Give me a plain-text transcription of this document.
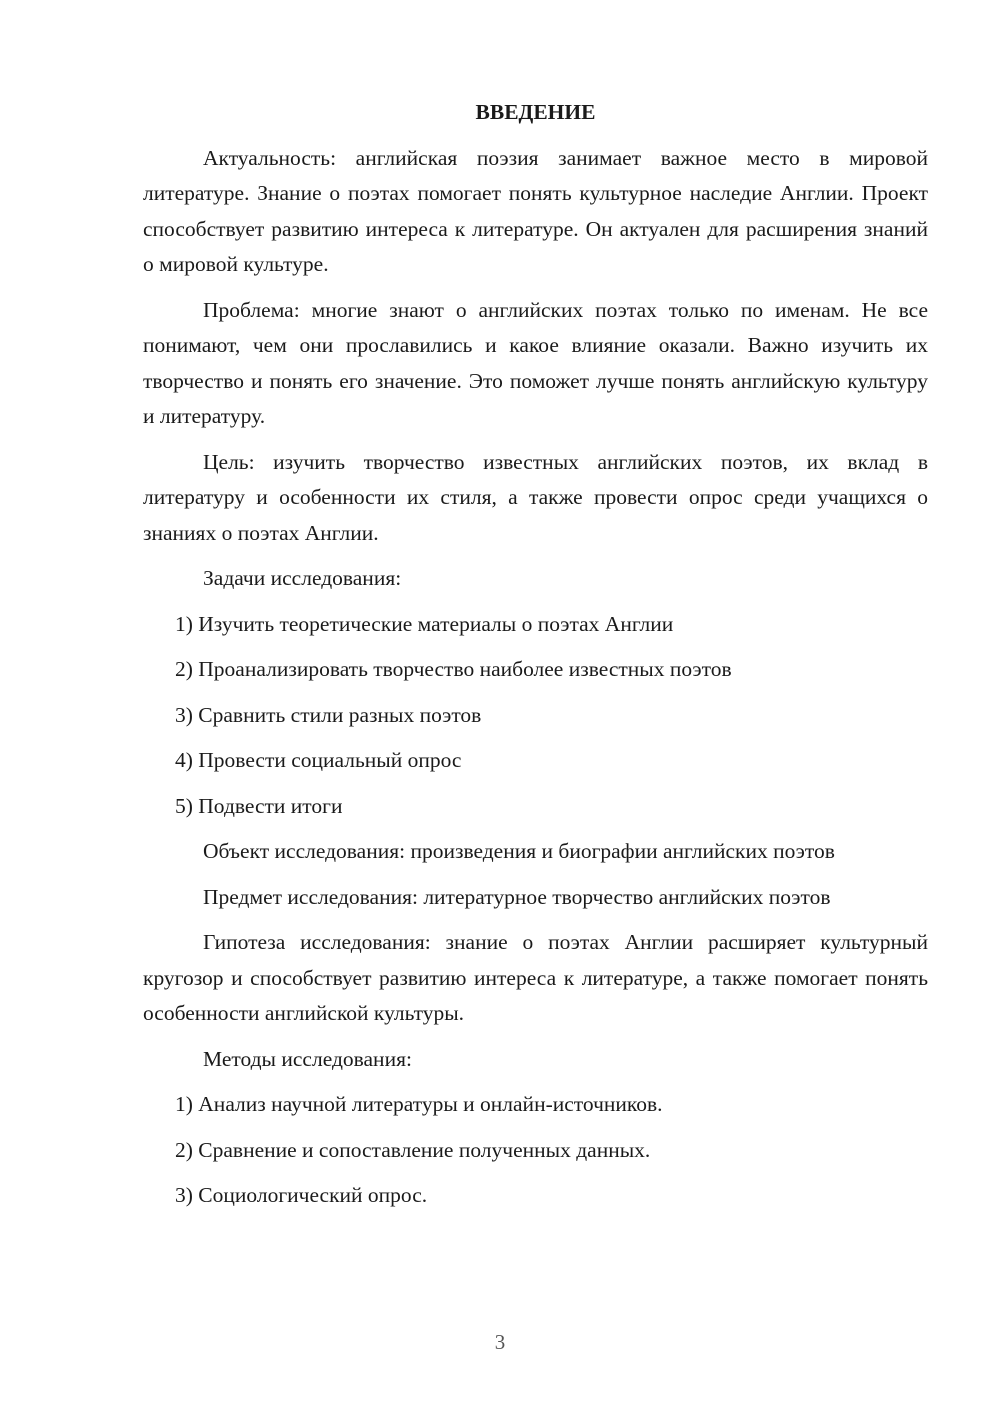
ВВЕДЕНИЕ

Актуальность: английская поэзия занимает важное место в мировой литературе. Знание о поэтах помогает понять культурное наследие Англии. Проект способствует развитию интереса к литературе. Он актуален для расширения знаний о мировой культуре.

Проблема: многие знают о английских поэтах только по именам. Не все понимают, чем они прославились и какое влияние оказали. Важно изучить их творчество и понять его значение. Это поможет лучше понять английскую культуру и литературу.

Цель: изучить творчество известных английских поэтов, их вклад в литературу и особенности их стиля, а также провести опрос среди учащихся о знаниях о поэтах Англии.

Задачи исследования:

1) Изучить теоретические материалы о поэтах Англии
2) Проанализировать творчество наиболее известных поэтов
3) Сравнить стили разных поэтов
4) Провести социальный опрос
5) Подвести итоги

Объект исследования: произведения и биографии английских поэтов

Предмет исследования: литературное творчество английских поэтов

Гипотеза исследования: знание о поэтах Англии расширяет культурный кругозор и способствует развитию интереса к литературе, а также помогает понять особенности английской культуры.

Методы исследования:

1) Анализ научной литературы и онлайн-источников.
2) Сравнение и сопоставление полученных данных.
3) Социологический опрос.
3
